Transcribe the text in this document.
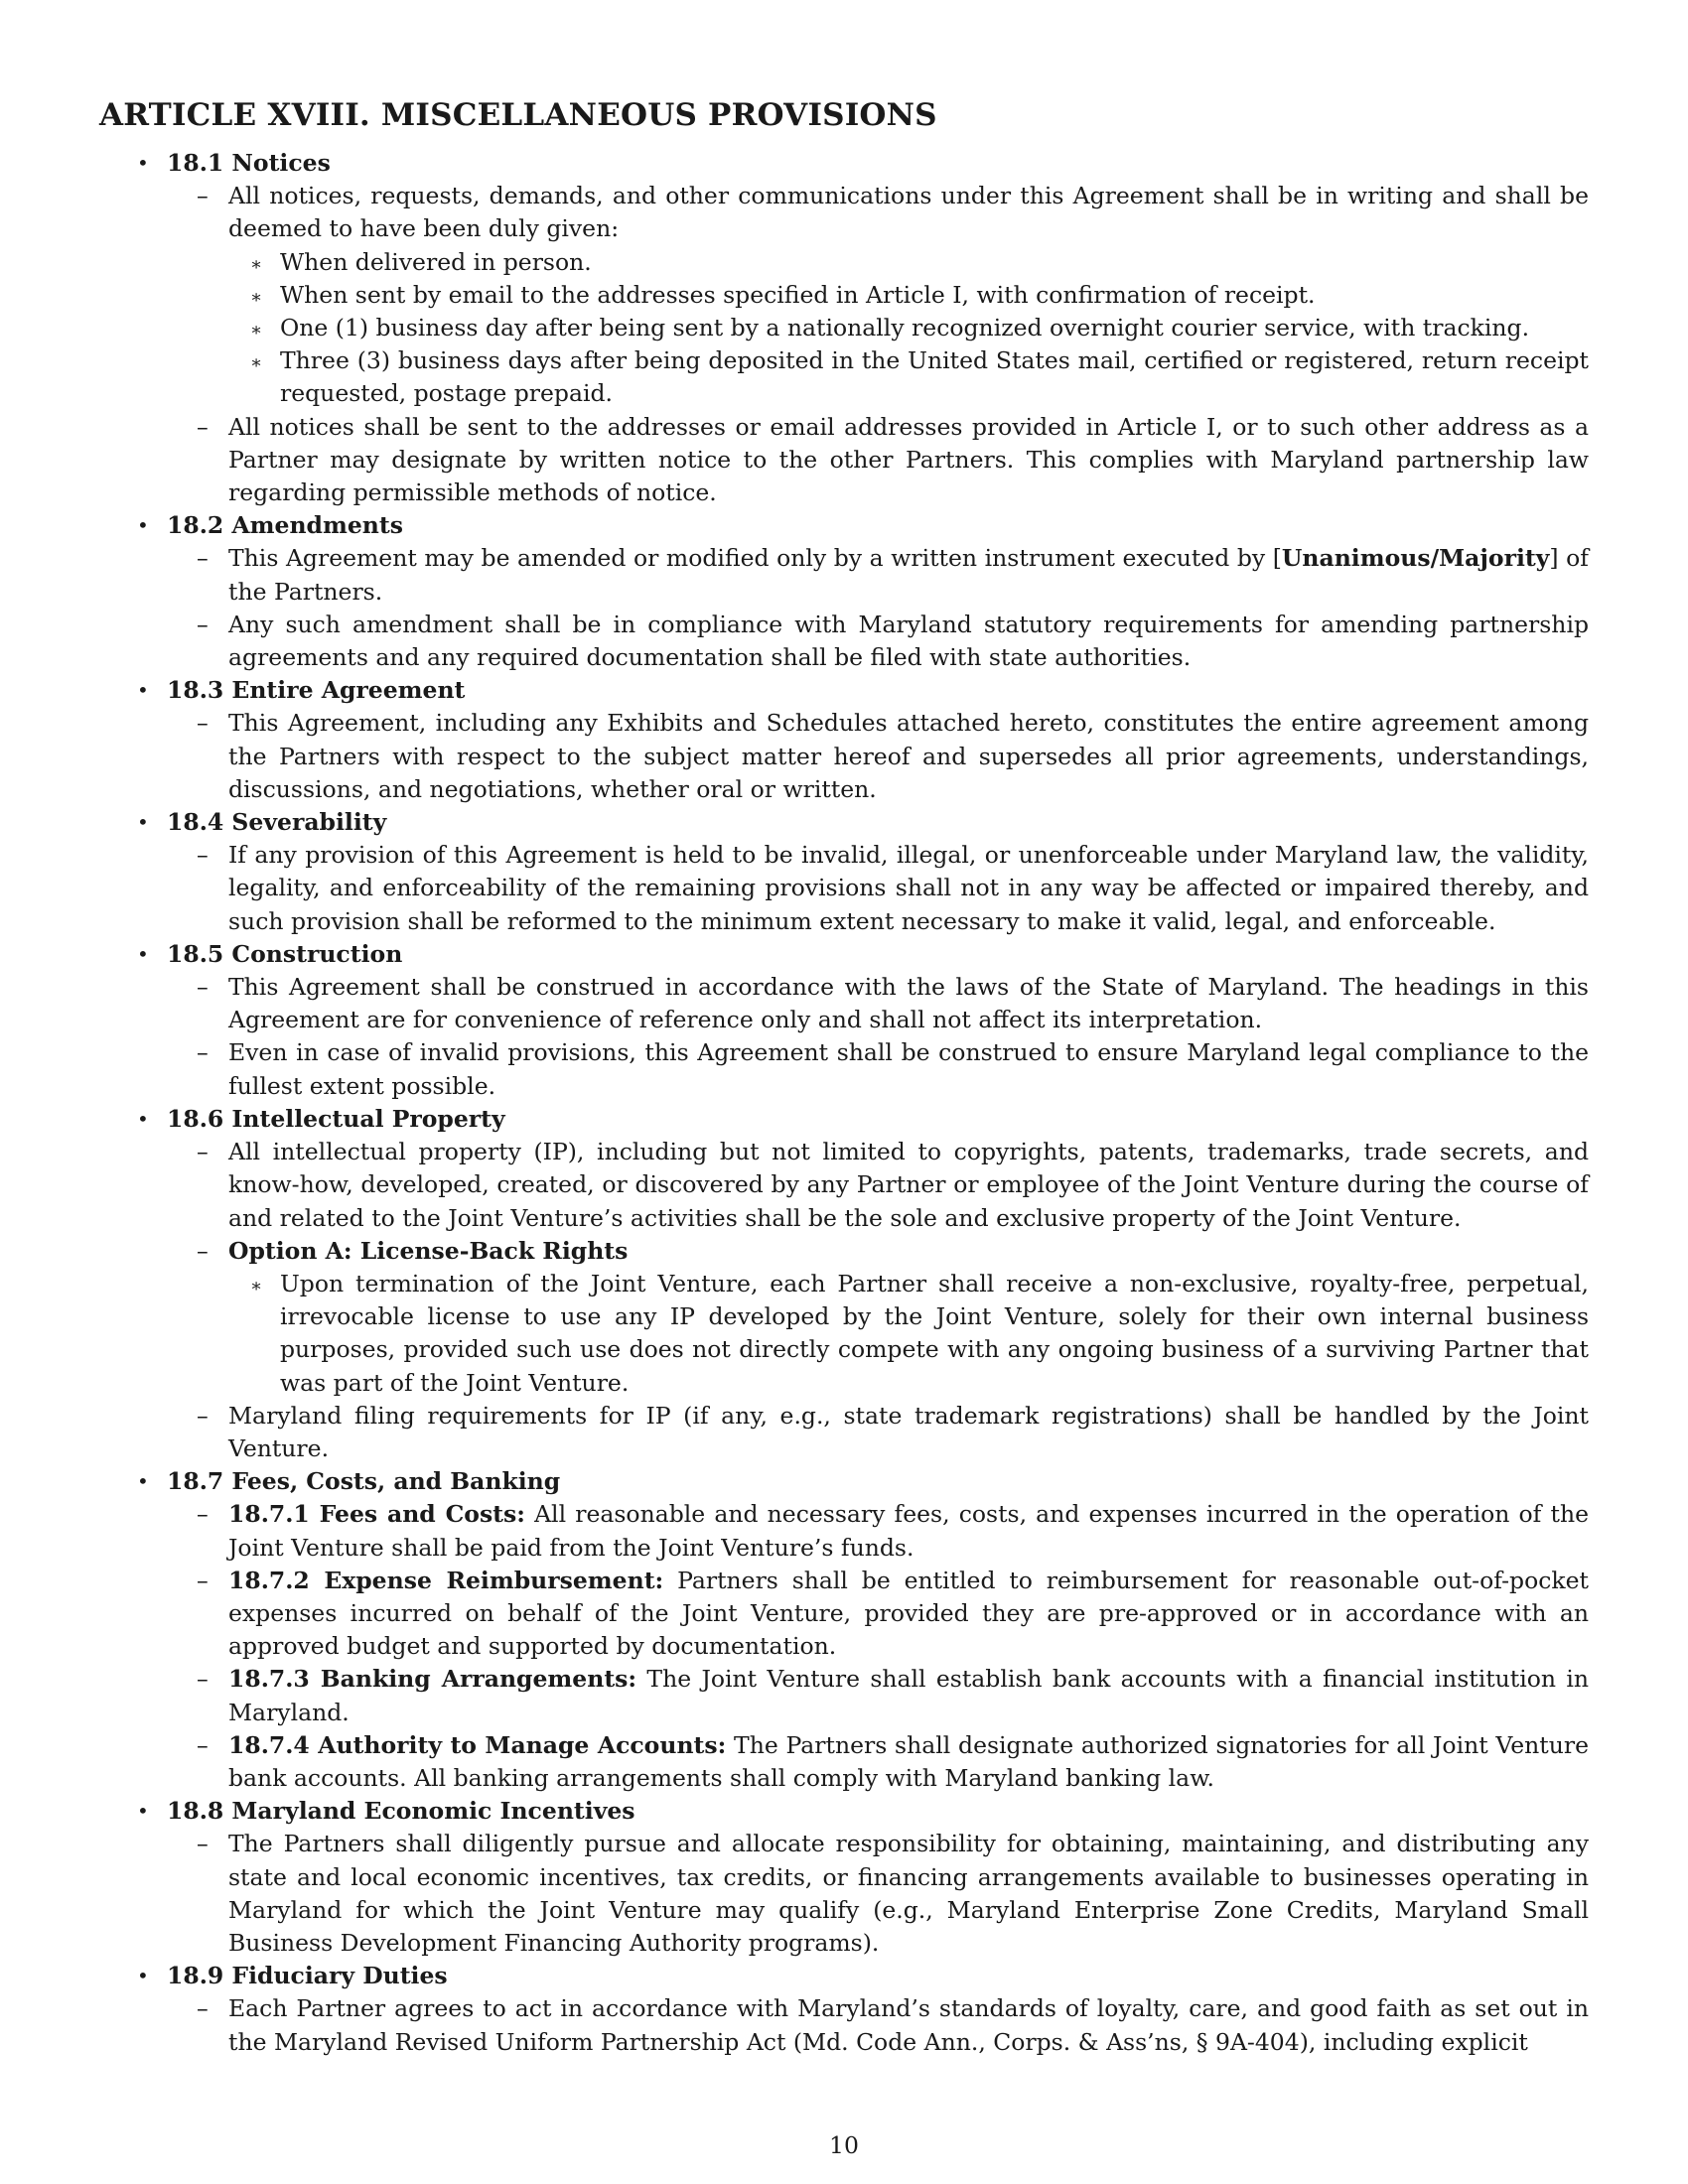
ARTICLE XVIII. MISCELLANEOUS PROVISIONS
• 18.1 Notices
– All notices, requests, demands, and other communications under this Agreement shall be in writing and shall be deemed to have been duly given:
∗ When delivered in person.
∗ When sent by email to the addresses specified in Article I, with confirmation of receipt.
∗ One (1) business day after being sent by a nationally recognized overnight courier service, with tracking.
∗ Three (3) business days after being deposited in the United States mail, certified or registered, return receipt requested, postage prepaid.
– All notices shall be sent to the addresses or email addresses provided in Article I, or to such other address as a Partner may designate by written notice to the other Partners. This complies with Maryland partnership law regarding permissible methods of notice.
• 18.2 Amendments
– This Agreement may be amended or modified only by a written instrument executed by [Unanimous/Majority] of the Partners.
– Any such amendment shall be in compliance with Maryland statutory requirements for amending partnership agreements and any required documentation shall be filed with state authorities.
• 18.3 Entire Agreement
– This Agreement, including any Exhibits and Schedules attached hereto, constitutes the entire agreement among the Partners with respect to the subject matter hereof and supersedes all prior agreements, understandings, discussions, and negotiations, whether oral or written.
• 18.4 Severability
– If any provision of this Agreement is held to be invalid, illegal, or unenforceable under Maryland law, the validity, legality, and enforceability of the remaining provisions shall not in any way be affected or impaired thereby, and such provision shall be reformed to the minimum extent necessary to make it valid, legal, and enforceable.
• 18.5 Construction
– This Agreement shall be construed in accordance with the laws of the State of Maryland. The headings in this Agreement are for convenience of reference only and shall not affect its interpretation.
– Even in case of invalid provisions, this Agreement shall be construed to ensure Maryland legal compliance to the fullest extent possible.
• 18.6 Intellectual Property
– All intellectual property (IP), including but not limited to copyrights, patents, trademarks, trade secrets, and know-how, developed, created, or discovered by any Partner or employee of the Joint Venture during the course of and related to the Joint Venture’s activities shall be the sole and exclusive property of the Joint Venture.
– Option A: License-Back Rights
∗ Upon termination of the Joint Venture, each Partner shall receive a non-exclusive, royalty-free, perpetual, irrevocable license to use any IP developed by the Joint Venture, solely for their own internal business purposes, provided such use does not directly compete with any ongoing business of a surviving Partner that was part of the Joint Venture.
– Maryland filing requirements for IP (if any, e.g., state trademark registrations) shall be handled by the Joint Venture.
• 18.7 Fees, Costs, and Banking
– 18.7.1 Fees and Costs: All reasonable and necessary fees, costs, and expenses incurred in the operation of the Joint Venture shall be paid from the Joint Venture’s funds.
– 18.7.2 Expense Reimbursement: Partners shall be entitled to reimbursement for reasonable out-of-pocket expenses incurred on behalf of the Joint Venture, provided they are pre-approved or in accordance with an approved budget and supported by documentation.
– 18.7.3 Banking Arrangements: The Joint Venture shall establish bank accounts with a financial institution in Maryland.
– 18.7.4 Authority to Manage Accounts: The Partners shall designate authorized signatories for all Joint Venture bank accounts. All banking arrangements shall comply with Maryland banking law.
• 18.8 Maryland Economic Incentives
– The Partners shall diligently pursue and allocate responsibility for obtaining, maintaining, and distributing any state and local economic incentives, tax credits, or financing arrangements available to businesses operating in Maryland for which the Joint Venture may qualify (e.g., Maryland Enterprise Zone Credits, Maryland Small Business Development Financing Authority programs).
• 18.9 Fiduciary Duties
– Each Partner agrees to act in accordance with Maryland’s standards of loyalty, care, and good faith as set out in the Maryland Revised Uniform Partnership Act (Md. Code Ann., Corps. & Ass’ns, § 9A-404), including explicit
10
